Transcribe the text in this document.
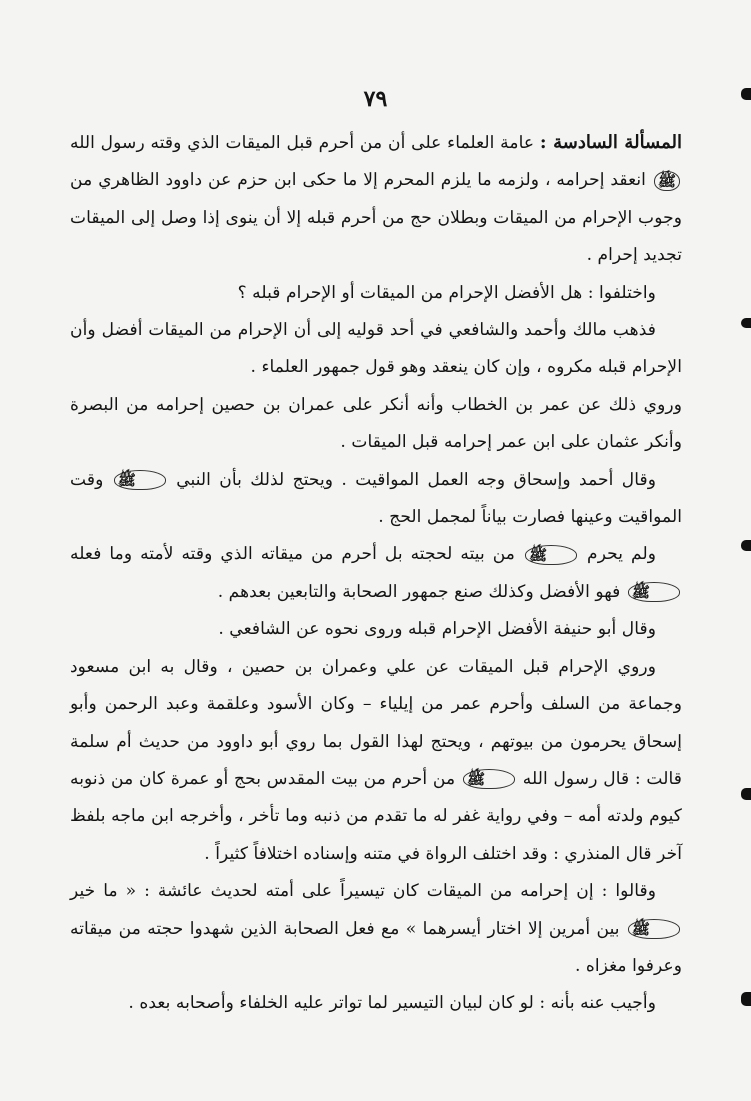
٧٩

المسألة السادسة : عامة العلماء على أن من أحرم قبل الميقات الذي وقته رسول الله ﷺ انعقد إحرامه ، ولزمه ما يلزم المحرم إلا ما حكى ابن حزم عن داوود الظاهري من وجوب الإحرام من الميقات وبطلان حج من أحرم قبله إلا أن ينوى إذا وصل إلى الميقات تجديد إحرام .

واختلفوا : هل الأفضل الإحرام من الميقات أو الإحرام قبله ؟

فذهب مالك وأحمد والشافعي في أحد قوليه إلى أن الإحرام من الميقات أفضل وأن الإحرام قبله مكروه ، وإن كان ينعقد وهو قول جمهور العلماء .

وروي ذلك عن عمر بن الخطاب وأنه أنكر على عمران بن حصين إحرامه من البصرة وأنكر عثمان على ابن عمر إحرامه قبل الميقات .

وقال أحمد وإسحاق وجه العمل المواقيت . ويحتج لذلك بأن النبي ﷺ وقت المواقيت وعينها فصارت بياناً لمجمل الحج .

ولم يحرم ﷺ من بيته لحجته بل أحرم من ميقاته الذي وقته لأمته وما فعله ﷺ فهو الأفضل وكذلك صنع جمهور الصحابة والتابعين بعدهم .

وقال أبو حنيفة الأفضل الإحرام قبله وروى نحوه عن الشافعي .

وروي الإحرام قبل الميقات عن علي وعمران بن حصين ، وقال به ابن مسعود وجماعة من السلف وأحرم عمر من إيلياء – وكان الأسود وعلقمة وعبد الرحمن وأبو إسحاق يحرمون من بيوتهم ، ويحتج لهذا القول بما روي أبو داوود من حديث أم سلمة قالت : قال رسول الله ﷺ من أحرم من بيت المقدس بحج أو عمرة كان من ذنوبه كيوم ولدته أمه – وفي رواية غفر له ما تقدم من ذنبه وما تأخر ، وأخرجه ابن ماجه بلفظ آخر قال المنذري : وقد اختلف الرواة في متنه وإسناده اختلافاً كثيراً .

وقالوا : إن إحرامه من الميقات كان تيسيراً على أمته لحديث عائشة : « ما خير ﷺ بين أمرين إلا اختار أيسرهما » مع فعل الصحابة الذين شهدوا حجته من ميقاته وعرفوا مغزاه .

وأجيب عنه بأنه : لو كان لبيان التيسير لما تواتر عليه الخلفاء وأصحابه بعده .
